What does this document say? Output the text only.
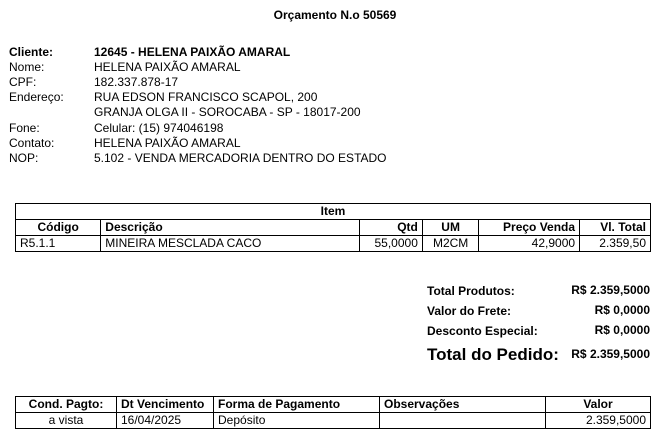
Orçamento N.o 50569
Cliente:	12645 - HELENA PAIXÃO AMARAL
Nome:	HELENA PAIXÃO AMARAL
CPF:	182.337.878-17
Endereço:	RUA EDSON FRANCISCO SCAPOL, 200
GRANJA OLGA II - SOROCABA - SP - 18017-200
Fone:	Celular: (15) 974046198
Contato:	HELENA PAIXÃO AMARAL
NOP:	5.102 - VENDA MERCADORIA DENTRO DO ESTADO
Item					
Código	Descrição	Qtd	UM	Preço Venda	Vl. Total
R5.1.1	MINEIRA MESCLADA CACO	55,0000	M2CM	42,9000	2.359,50
Total Produtos:	R$ 2.359,5000
Valor do Frete:	R$ 0,0000
Desconto Especial:	R$ 0,0000
Total do Pedido: R$ 2.359,5000
Cond. Pagto:	Dt Vencimento	Forma de Pagamento	Observações	Valor
a vista	16/04/2025	Depósito		2.359,5000
